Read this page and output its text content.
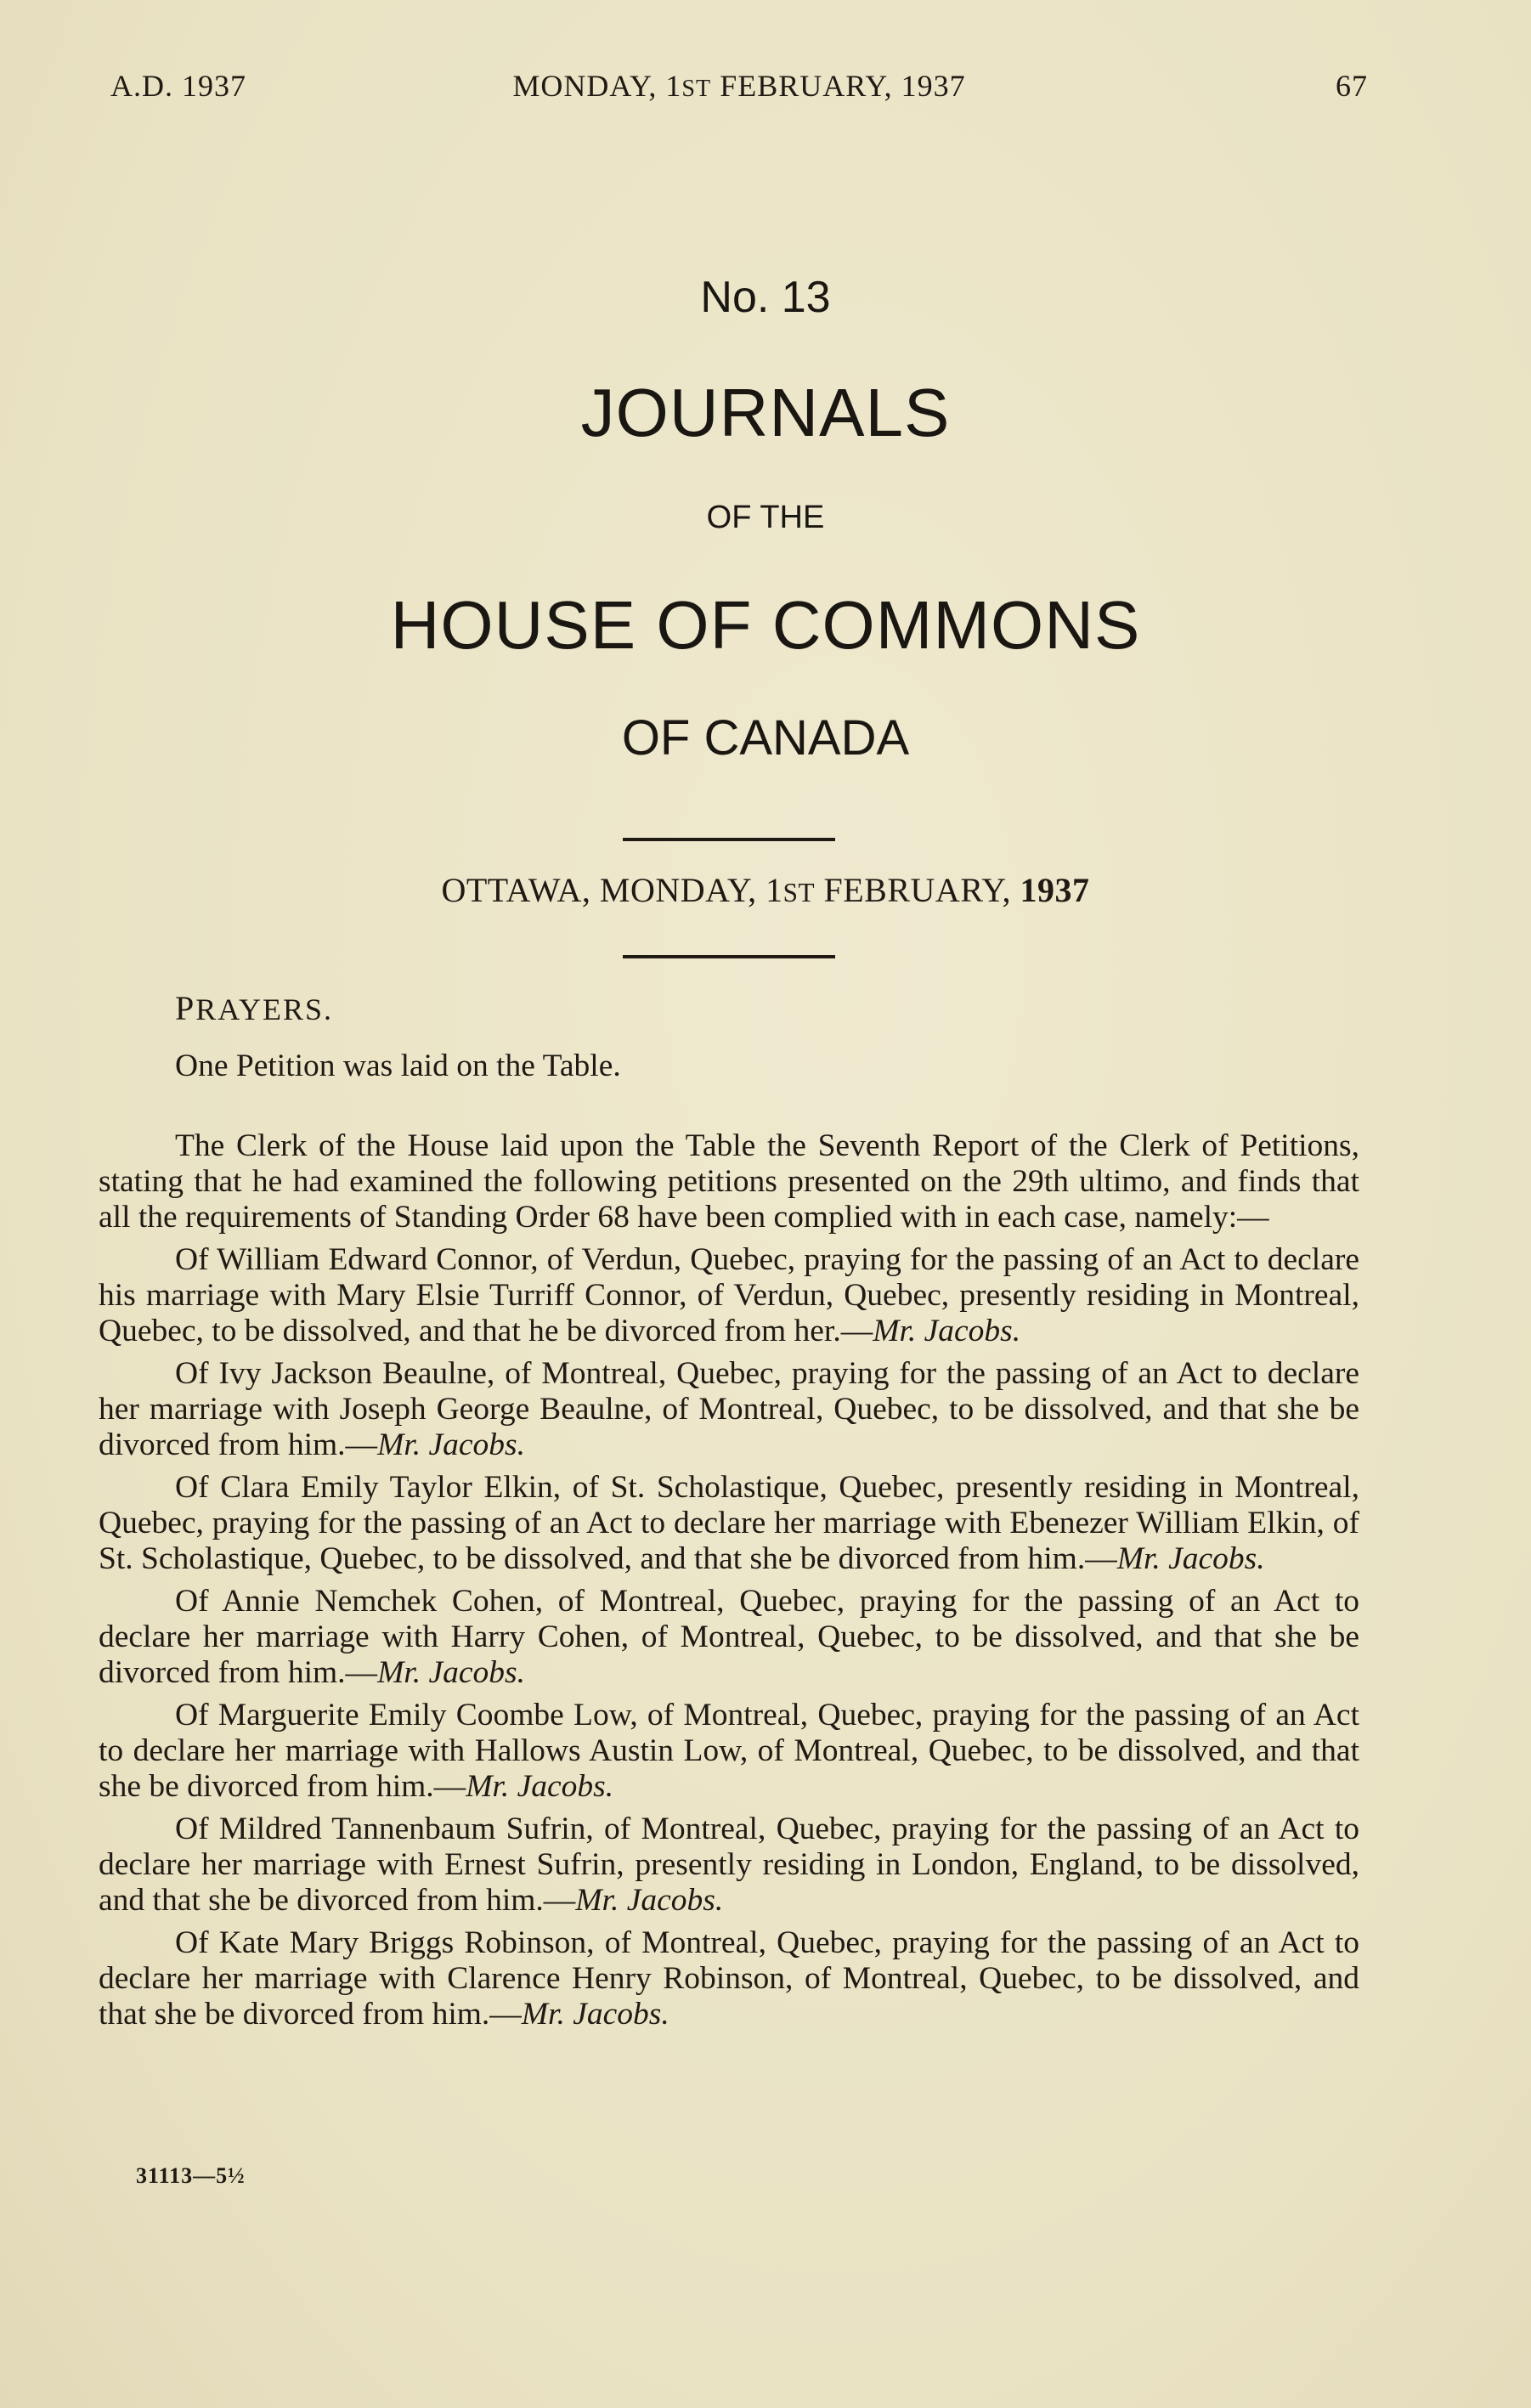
A.D. 1937	MONDAY, 1ST FEBRUARY, 1937	67
No. 13
JOURNALS
OF THE
HOUSE OF COMMONS
OF CANADA
OTTAWA, MONDAY, 1ST FEBRUARY, 1937

PRAYERS.

One Petition was laid on the Table.

The Clerk of the House laid upon the Table the Seventh Report of the Clerk of Petitions, stating that he had examined the following petitions presented on the 29th ultimo, and finds that all the requirements of Standing Order 68 have been complied with in each case, namely:—

Of William Edward Connor, of Verdun, Quebec, praying for the passing of an Act to declare his marriage with Mary Elsie Turriff Connor, of Verdun, Quebec, presently residing in Montreal, Quebec, to be dissolved, and that he be divorced from her.—Mr. Jacobs.

Of Ivy Jackson Beaulne, of Montreal, Quebec, praying for the passing of an Act to declare her marriage with Joseph George Beaulne, of Montreal, Quebec, to be dissolved, and that she be divorced from him.—Mr. Jacobs.

Of Clara Emily Taylor Elkin, of St. Scholastique, Quebec, presently residing in Montreal, Quebec, praying for the passing of an Act to declare her marriage with Ebenezer William Elkin, of St. Scholastique, Quebec, to be dissolved, and that she be divorced from him.—Mr. Jacobs.

Of Annie Nemchek Cohen, of Montreal, Quebec, praying for the passing of an Act to declare her marriage with Harry Cohen, of Montreal, Quebec, to be dissolved, and that she be divorced from him.—Mr. Jacobs.

Of Marguerite Emily Coombe Low, of Montreal, Quebec, praying for the passing of an Act to declare her marriage with Hallows Austin Low, of Montreal, Quebec, to be dissolved, and that she be divorced from him.—Mr. Jacobs.

Of Mildred Tannenbaum Sufrin, of Montreal, Quebec, praying for the passing of an Act to declare her marriage with Ernest Sufrin, presently residing in London, England, to be dissolved, and that she be divorced from him.—Mr. Jacobs.

Of Kate Mary Briggs Robinson, of Montreal, Quebec, praying for the passing of an Act to declare her marriage with Clarence Henry Robinson, of Montreal, Quebec, to be dissolved, and that she be divorced from him.—Mr. Jacobs.

31113—5½
